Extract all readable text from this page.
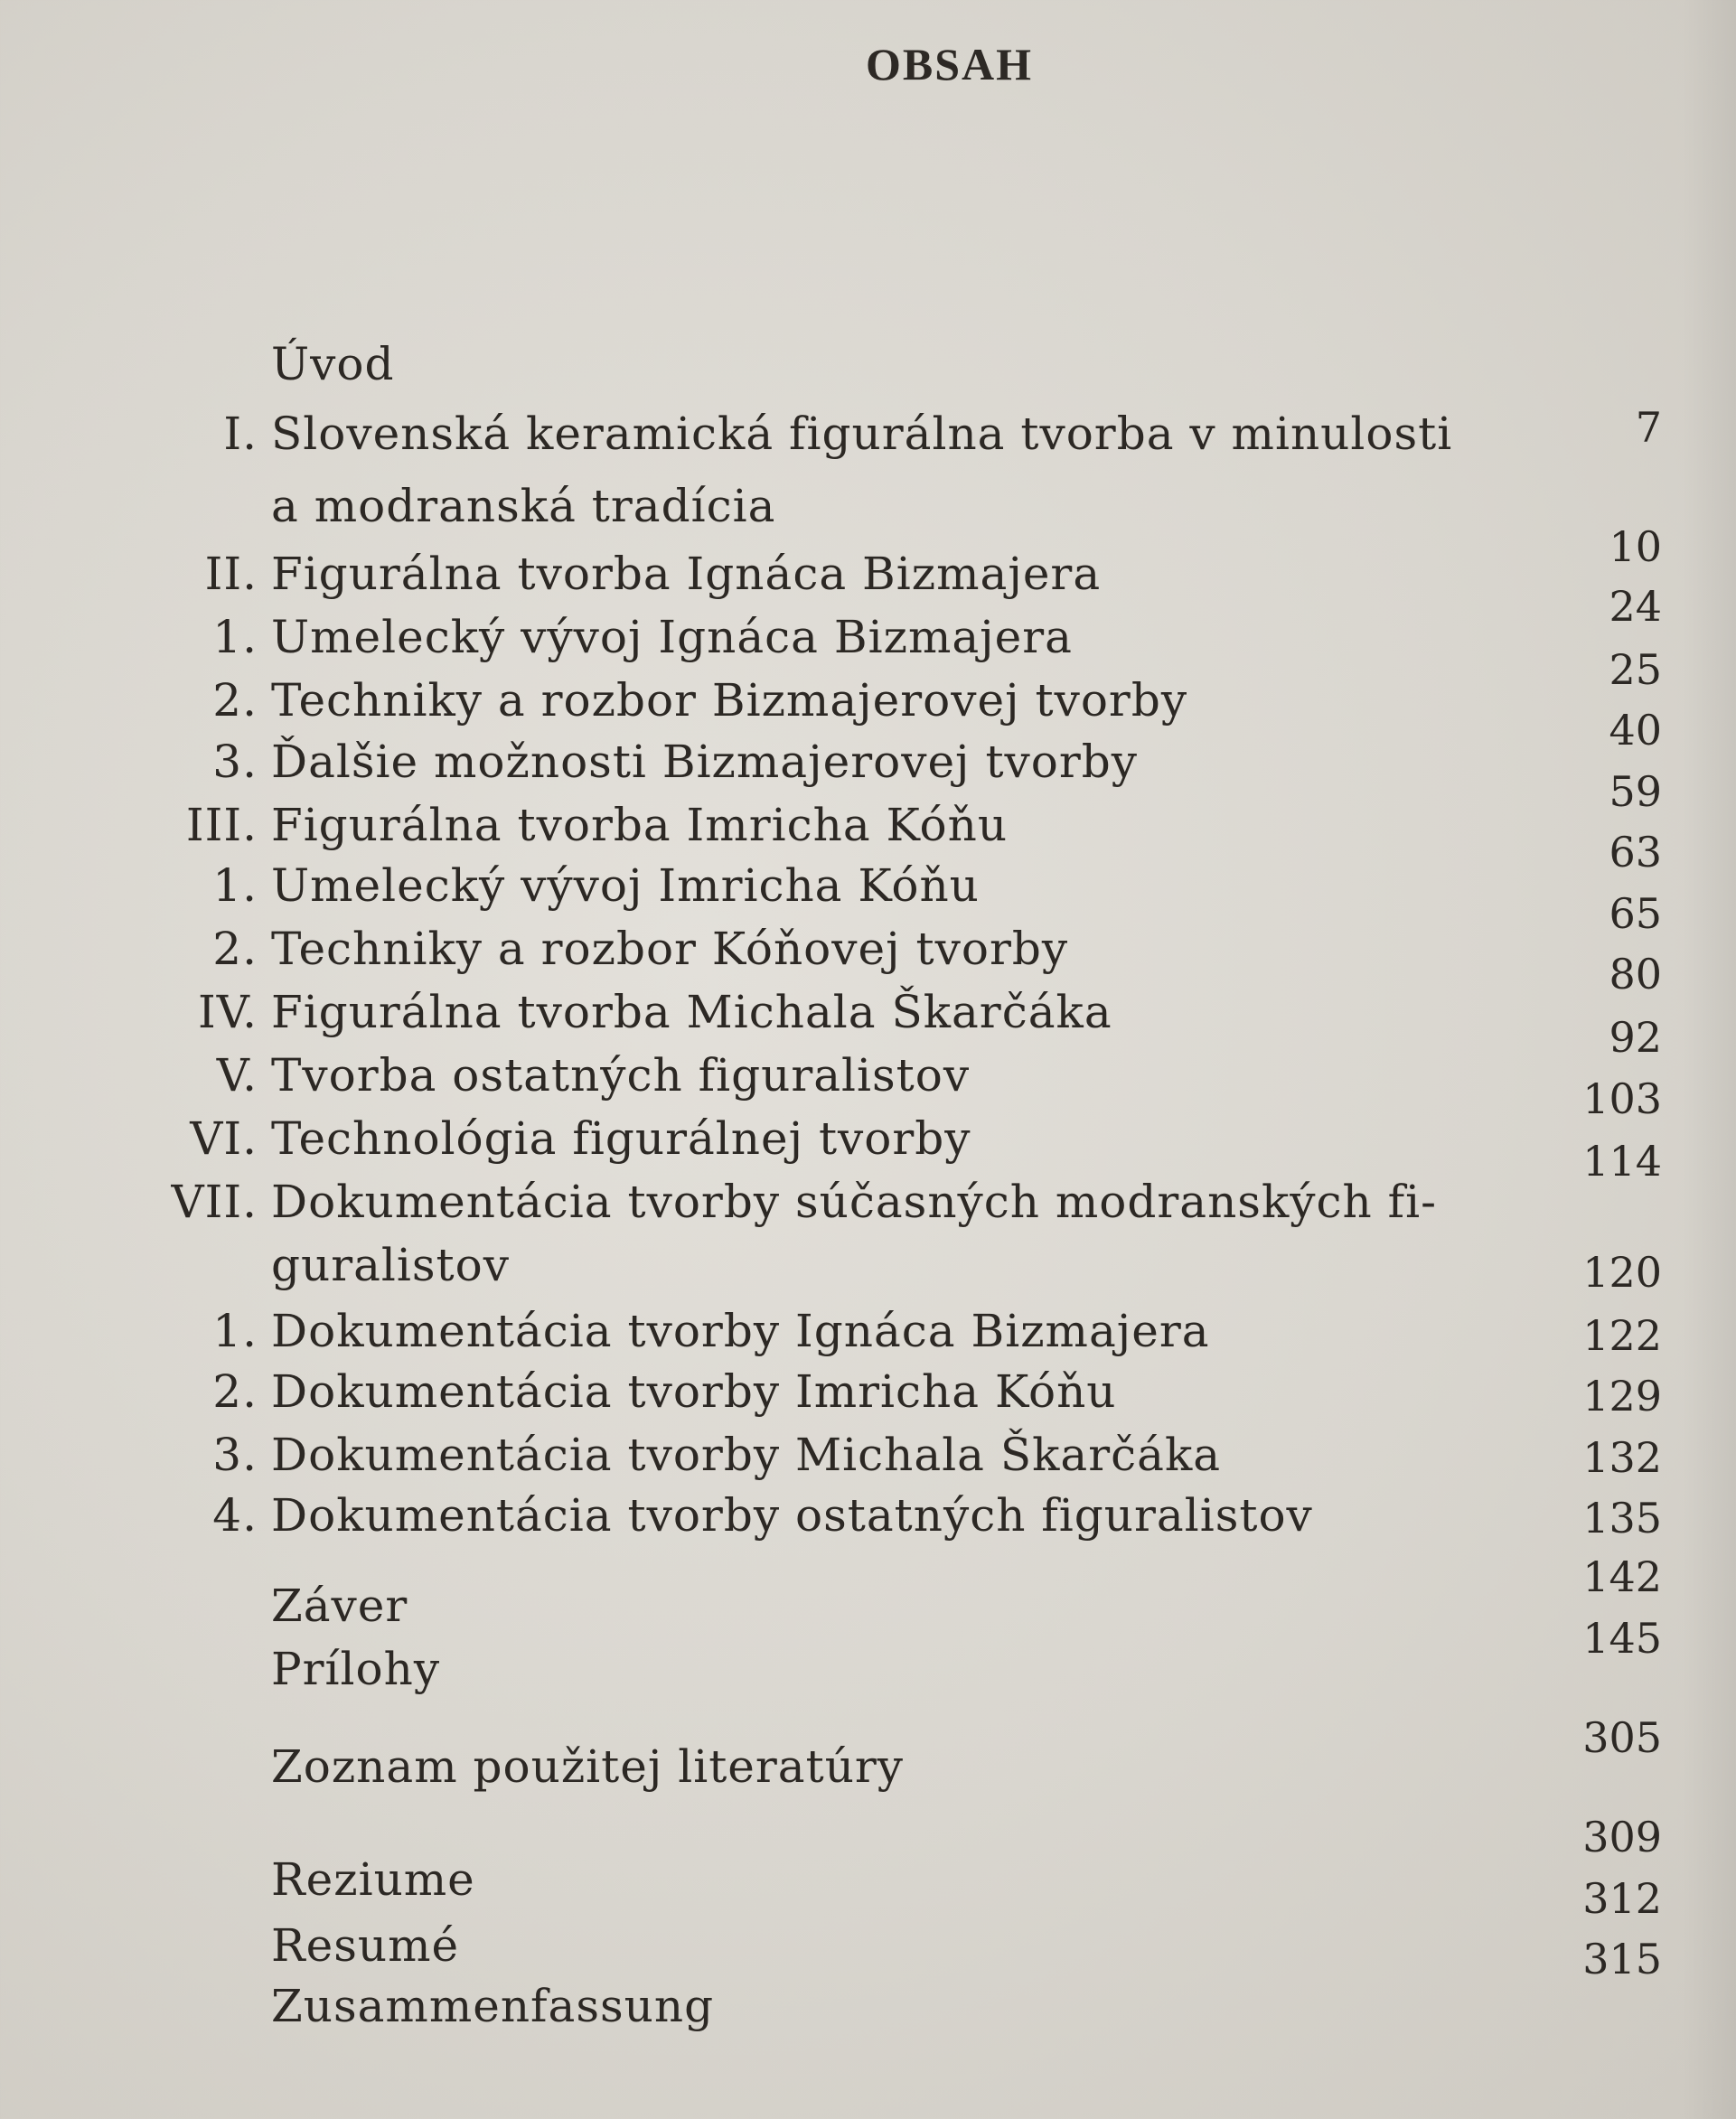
OBSAH
Úvod
I. Slovenská keramická figurálna tvorba v minulosti
a modranská tradícia
II. Figurálna tvorba Ignáca Bizmajera
1. Umelecký vývoj Ignáca Bizmajera
2. Techniky a rozbor Bizmajerovej tvorby
3. Ďalšie možnosti Bizmajerovej tvorby
III. Figurálna tvorba Imricha Kóňu
1. Umelecký vývoj Imricha Kóňu
2. Techniky a rozbor Kóňovej tvorby
IV. Figurálna tvorba Michala Škarčáka
V. Tvorba ostatných figuralistov
VI. Technológia figurálnej tvorby
VII. Dokumentácia tvorby súčasných modranských fi-
guralistov
1. Dokumentácia tvorby Ignáca Bizmajera
2. Dokumentácia tvorby Imricha Kóňu
3. Dokumentácia tvorby Michala Škarčáka
4. Dokumentácia tvorby ostatných figuralistov
Záver
Prílohy
Zoznam použitej literatúry
Reziume
Resumé
Zusammenfassung
7
10
24
25
40
59
63
65
80
92
103
114
120
122
129
132
135
142
145
305
309
312
315
